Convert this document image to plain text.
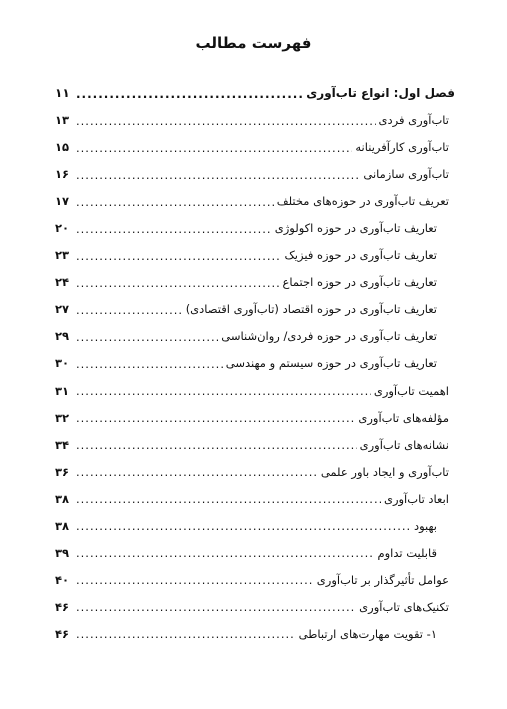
فهرست مطالب
فصل اول: انواع تاب‌آوری
.....
۱۱
تاب‌آوری فردی
.....
۱۳
تاب‌آوری کارآفرینانه
.....
۱۵
تاب‌آوری سازمانی
.....
۱۶
تعریف تاب‌آوری در حوزه‌های مختلف
.....
۱۷
تعاریف تاب‌آوری در حوزه اکولوژی
.....
۲۰
تعاریف تاب‌آوری در حوزه فیزیک
.....
۲۳
تعاریف تاب‌آوری در حوزه اجتماع
.....
۲۴
تعاریف تاب‌آوری در حوزه اقتصاد (تاب‌آوری اقتصادی)
.....
۲۷
تعاریف تاب‌آوری در حوزه فردی/ روان‌شناسی
.....
۲۹
تعاریف تاب‌آوری در حوزه سیستم و مهندسی
.....
۳۰
اهمیت تاب‌آوری
.....
۳۱
مؤلفه‌های تاب‌آوری
.....
۳۲
نشانه‌های تاب‌آوری
.....
۳۴
تاب‌آوری و ایجاد باور علمی
.....
۳۶
ابعاد تاب‌آوری
.....
۳۸
بهبود
.....
۳۸
قابلیت تداوم
.....
۳۹
عوامل تأثیرگذار بر تاب‌آوری
.....
۴۰
تکنیک‌های تاب‌آوری
.....
۴۶
۱- تقویت مهارت‌های ارتباطی
.....
۴۶
